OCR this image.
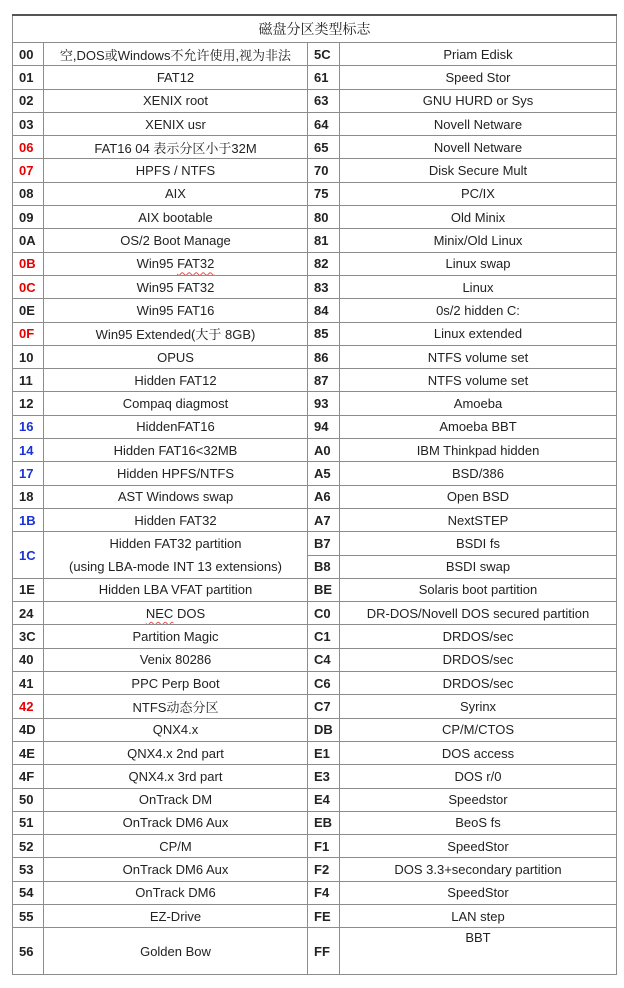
磁盘分区类型标志			
00	空,DOS或Windows不允许使用,视为非法	5C	Priam Edisk
01	FAT12	61	Speed Stor
02	XENIX root	63	GNU HURD or Sys
03	XENIX usr	64	Novell Netware
06	FAT16 04 表示分区小于32M	65	Novell Netware
07	HPFS / NTFS	70	Disk Secure Mult
08	AIX	75	PC/IX
09	AIX bootable	80	Old Minix
0A	OS/2 Boot Manage	81	Minix/Old Linux
0B	Win95 FAT32	82	Linux swap
0C	Win95 FAT32	83	Linux
0E	Win95 FAT16	84	0s/2 hidden C:
0F	Win95 Extended(大于 8GB)	85	Linux extended
10	OPUS	86	NTFS volume set
11	Hidden FAT12	87	NTFS volume set
12	Compaq diagmost	93	Amoeba
16	HiddenFAT16	94	Amoeba BBT
14	Hidden FAT16<32MB	A0	IBM Thinkpad hidden
17	Hidden HPFS/NTFS	A5	BSD/386
18	AST Windows swap	A6	Open BSD
1B	Hidden FAT32	A7	NextSTEP
1C	Hidden FAT32 partition	B7	BSDI fs
	(using LBA-mode INT 13 extensions)	B8	BSDI swap
1E	Hidden LBA VFAT partition	BE	Solaris boot partition
24	NEC DOS	C0	DR-DOS/Novell DOS secured partition
3C	Partition Magic	C1	DRDOS/sec
40	Venix 80286	C4	DRDOS/sec
41	PPC Perp Boot	C6	DRDOS/sec
42	NTFS动态分区	C7	Syrinx
4D	QNX4.x	DB	CP/M/CTOS
4E	QNX4.x 2nd part	E1	DOS access
4F	QNX4.x 3rd part	E3	DOS r/0
50	OnTrack DM	E4	Speedstor
51	OnTrack DM6 Aux	EB	BeoS fs
52	CP/M	F1	SpeedStor
53	OnTrack DM6 Aux	F2	DOS 3.3+secondary partition
54	OnTrack DM6	F4	SpeedStor
55	EZ-Drive	FE	LAN step
56	Golden Bow	FF	BBT
